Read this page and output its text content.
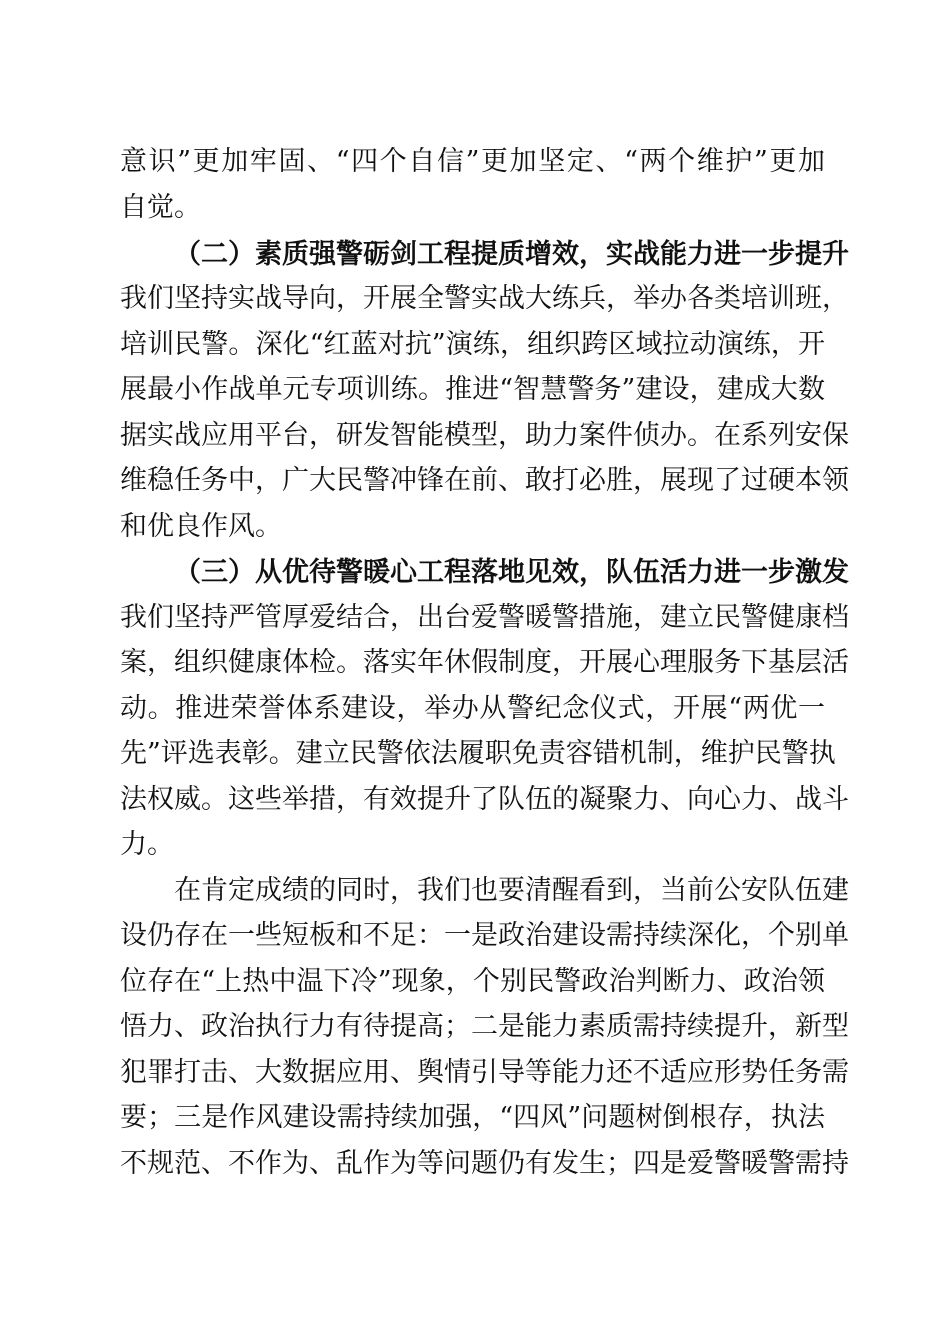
意识”更加牢固、“四个自信”更加坚定、“两个维护”更加
自觉。
（二）素质强警砺剑工程提质增效，实战能力进一步提升
我们坚持实战导向，开展全警实战大练兵，举办各类培训班，
培训民警。深化“红蓝对抗”演练，组织跨区域拉动演练，开
展最小作战单元专项训练。推进“智慧警务”建设，建成大数
据实战应用平台，研发智能模型，助力案件侦办。在系列安保
维稳任务中，广大民警冲锋在前、敢打必胜，展现了过硬本领
和优良作风。
（三）从优待警暖心工程落地见效，队伍活力进一步激发
我们坚持严管厚爱结合，出台爱警暖警措施，建立民警健康档
案，组织健康体检。落实年休假制度，开展心理服务下基层活
动。推进荣誉体系建设，举办从警纪念仪式，开展“两优一
先”评选表彰。建立民警依法履职免责容错机制，维护民警执
法权威。这些举措，有效提升了队伍的凝聚力、向心力、战斗
力。
在肯定成绩的同时，我们也要清醒看到，当前公安队伍建
设仍存在一些短板和不足：一是政治建设需持续深化，个别单
位存在“上热中温下冷”现象，个别民警政治判断力、政治领
悟力、政治执行力有待提高；二是能力素质需持续提升，新型
犯罪打击、大数据应用、舆情引导等能力还不适应形势任务需
要；三是作风建设需持续加强，“四风”问题树倒根存，执法
不规范、不作为、乱作为等问题仍有发生；四是爱警暖警需持
